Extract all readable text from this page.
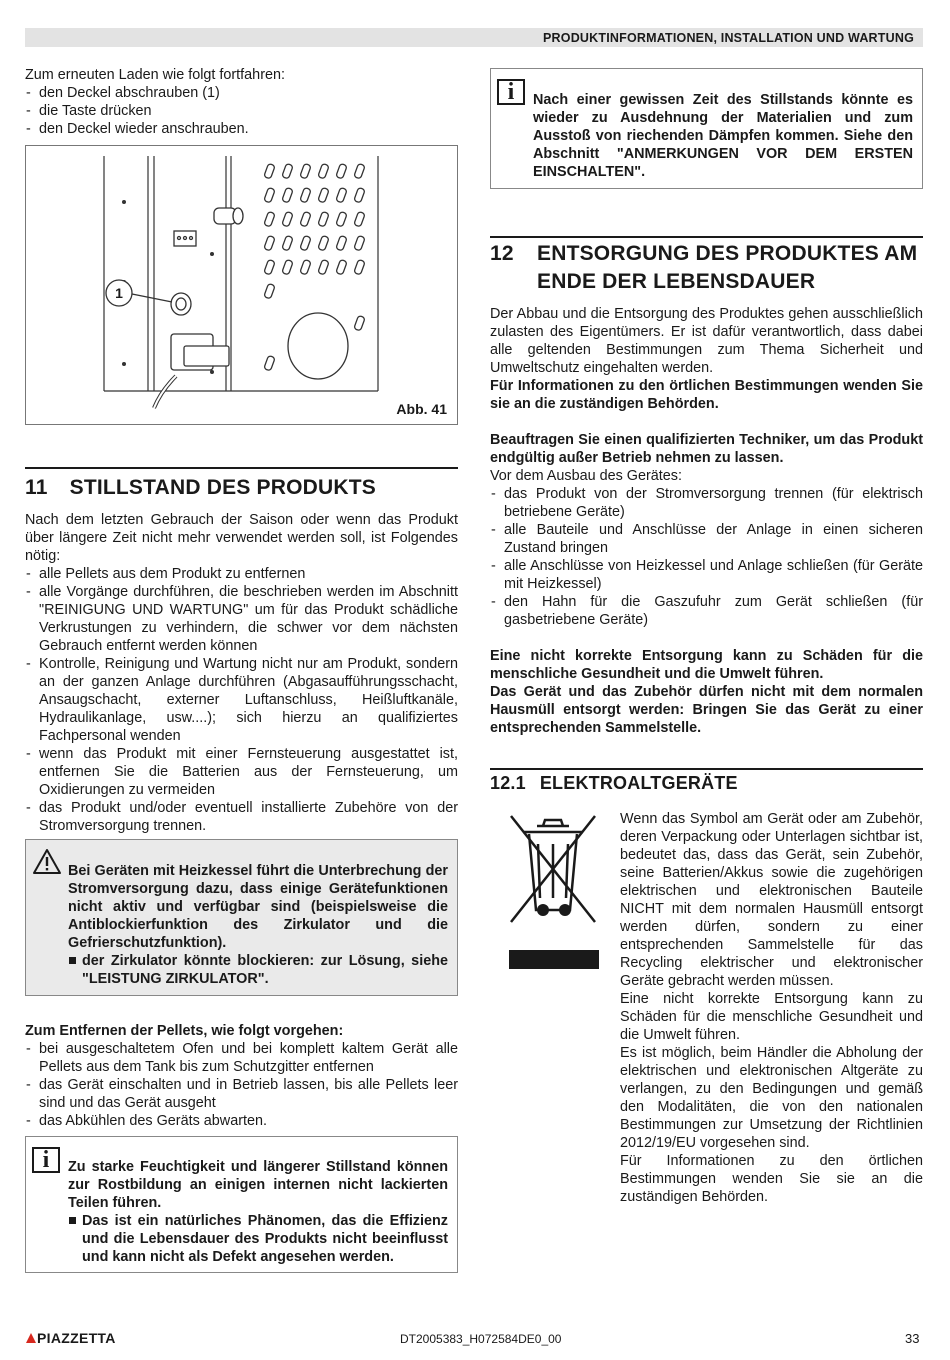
PRODUKTINFORMATIONEN, INSTALLATION UND WARTUNG

Zum erneuten Laden wie folgt fortfahren:

- den Deckel abschrauben (1)
- die Taste drücken
- den Deckel wieder anschrauben.
1
Abb. 41
11 STILLSTAND DES PRODUKTS

Nach dem letzten Gebrauch der Saison oder wenn das Produkt über längere Zeit nicht mehr verwendet werden soll, ist Folgendes nötig:

- alle Pellets aus dem Produkt zu entfernen
- alle Vorgänge durchführen, die beschrieben werden im Abschnitt "REINIGUNG UND WARTUNG" um für das Produkt schädliche Verkrustungen zu verhindern, die schwer vor dem nächsten Gebrauch entfernt werden können
- Kontrolle, Reinigung und Wartung nicht nur am Produkt, sondern an der ganzen Anlage durchführen (Abgasaufführungsschacht, Ansaugschacht, externer Luftanschluss, Heißluftkanäle, Hydraulikanlage, usw....); sich hierzu an qualifiziertes Fachpersonal wenden
- wenn das Produkt mit einer Fernsteuerung ausgestattet ist, entfernen Sie die Batterien aus der Fernsteuerung, um Oxidierungen zu vermeiden
- das Produkt und/oder eventuell installierte Zubehöre von der Stromversorgung trennen.

Bei Geräten mit Heizkessel führt die Unterbrechung der Stromversorgung dazu, dass einige Gerätefunktionen nicht aktiv und verfügbar sind (beispielsweise die Antiblockierfunktion des Zirkulator und die Gefrierschutzfunktion).

der Zirkulator könnte blockieren: zur Lösung, siehe "LEISTUNG ZIRKULATOR".

Zum Entfernen der Pellets, wie folgt vorgehen:

- bei ausgeschaltetem Ofen und bei komplett kaltem Gerät alle Pellets aus dem Tank bis zum Schutzgitter entfernen
- das Gerät einschalten und in Betrieb lassen, bis alle Pellets leer sind und das Gerät ausgeht
- das Abkühlen des Geräts abwarten.
i	Zu starke Feuchtigkeit und längerer Stillstand können zur Rostbildung an einigen internen nicht lackierten Teilen führen.

Das ist ein natürliches Phänomen, das die Effizienz und die Lebensdauer des Produkts nicht beeinflusst und kann nicht als Defekt angesehen werden.
i	Nach einer gewissen Zeit des Stillstands könnte es wieder zu Ausdehnung der Materialien und zum Ausstoß von riechenden Dämpfen kommen. Siehe den Abschnitt "ANMERKUNGEN VOR DEM ERSTEN EINSCHALTEN".

12 ENTSORGUNG DES PRODUKTES AM
ENDE DER LEBENSDAUER

Der Abbau und die Entsorgung des Produktes gehen ausschließlich zulasten des Eigentümers. Er ist dafür verantwortlich, dass dabei alle geltenden Bestimmungen zum Thema Sicherheit und Umweltschutz eingehalten werden.

Für Informationen zu den örtlichen Bestimmungen wenden Sie sie an die zuständigen Behörden.

Beauftragen Sie einen qualifizierten Techniker, um das Produkt endgültig außer Betrieb nehmen zu lassen.

Vor dem Ausbau des Gerätes:

- das Produkt von der Stromversorgung trennen (für elektrisch betriebene Geräte)
- alle Bauteile und Anschlüsse der Anlage in einen sicheren Zustand bringen
- alle Anschlüsse von Heizkessel und Anlage schließen (für Geräte mit Heizkessel)
- den Hahn für die Gaszufuhr zum Gerät schließen (für gasbetriebene Geräte)

Eine nicht korrekte Entsorgung kann zu Schäden für die menschliche Gesundheit und die Umwelt führen.

Das Gerät und das Zubehör dürfen nicht mit dem normalen Hausmüll entsorgt werden: Bringen Sie das Gerät zu einer entsprechenden Sammelstelle.

12.1 ELEKTROALTGERÄTE

Wenn das Symbol am Gerät oder am Zubehör, deren Verpackung oder Unterlagen sichtbar ist, bedeutet das, dass das Gerät, sein Zubehör, seine Batterien/Akkus sowie die zugehörigen elektrischen und elektronischen Bauteile NICHT mit dem normalen Hausmüll entsorgt werden dürfen, sondern zu einer entsprechenden Sammelstelle für das Recycling elektrischer und elektronischer Geräte gebracht werden müssen.

Eine nicht korrekte Entsorgung kann zu Schäden für die menschliche Gesundheit und die Umwelt führen.

Es ist möglich, beim Händler die Abholung der elektrischen und elektronischen Altgeräte zu verlangen, zu den Bedingungen und gemäß den Modalitäten, die von den nationalen Bestimmungen zur Umsetzung der Richtlinien 2012/19/EU vorgesehen sind.

Für Informationen zu den örtlichen Bestimmungen wenden Sie sie an die zuständigen Behörden.

PIAZZETTA	DT2005383_H072584DE0_00	33
